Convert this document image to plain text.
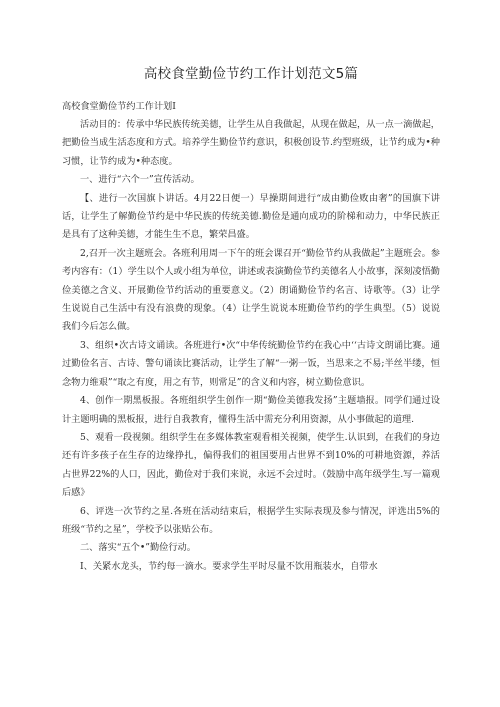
高校食堂勤俭节约工作计划范文5篇

高校食堂勤俭节约工作计划I

活动目的：传承中华民族传统美德，让学生从自我做起，从现在做起，从一点一滴做起，把勤俭当成生活态度和方式。培养学生勤俭节约意识，积极创设节.约型班级，让节约成为•种习惯，让节约成为•种态度。

一、进行“六个一”宣传活动。

【、进行一次国旗卜讲话。4月22日便一）早操期间进行“成由勤俭败由奢”的国旗下讲话，让学生了解勤俭节约是中华民族的传统美德.勤俭是通向成功的阶梯和动力，中华民族正是具有了这种美德，才能生生不息，繁荣昌盛。

2,召开一次主题班会。各班利用周一下午的班会课召开“勤俭节约从我做起”主题班会。参考内容有：（1）学生以个人或小组为单位，讲述或表演勤俭节约美德名人小故事，深刻凌悟勤俭美德之含义、开展勤俭节约活动的重要意义。（2）朗诵勤俭节约名言、诗歌等。（3）让学生说说自己生活中有没有浪费的现象。（4）让学生说说本班勤俭节约的学生典型。（5）说说我们今后怎么做。

3、组织•次古诗文诵读。各班进行•次“中华传统勤俭节约在我心中‘‘古诗文朗诵比赛。通过勤俭名言、古诗、警句诵读比赛活动，让学生了解“一粥一饭，当思来之不易;半丝半缕，恒念物力维艰”“取之有度，用之有节，则常足”的含义和内容，树立勤俭意识。

4、创作一期黑板报。各班组织学生创作一期“勤俭美德我发扬”主题墙报。同学们通过设计主题明确的黑板报，进行自我教育，懂得生活中需充分利用资源，从小事做起的道理.

5、观看一段视频。组织学生在多媒体教室观看相关视频，使学生.认识到，在我们的身边还有许多孩子在生存的边缘挣扎，偏得我们的祖国要用占世界不到10%的可耕地资源，养活占世界22%的人口，因此，勤俭对于我们来说，永远不会过时。（鼓励中高年级学生.写一篇观后感》

6、评选一次节约之星.各班在活动结束后，根据学生实际表现及参与情况，评选出5%的班级“节约之星”，学校予以张贴公布。

二、落实“五个•”勤俭行动。

I、关紧水龙头，节约每一滴水。要求学生平时尽量不饮用瓶装水，自带水
